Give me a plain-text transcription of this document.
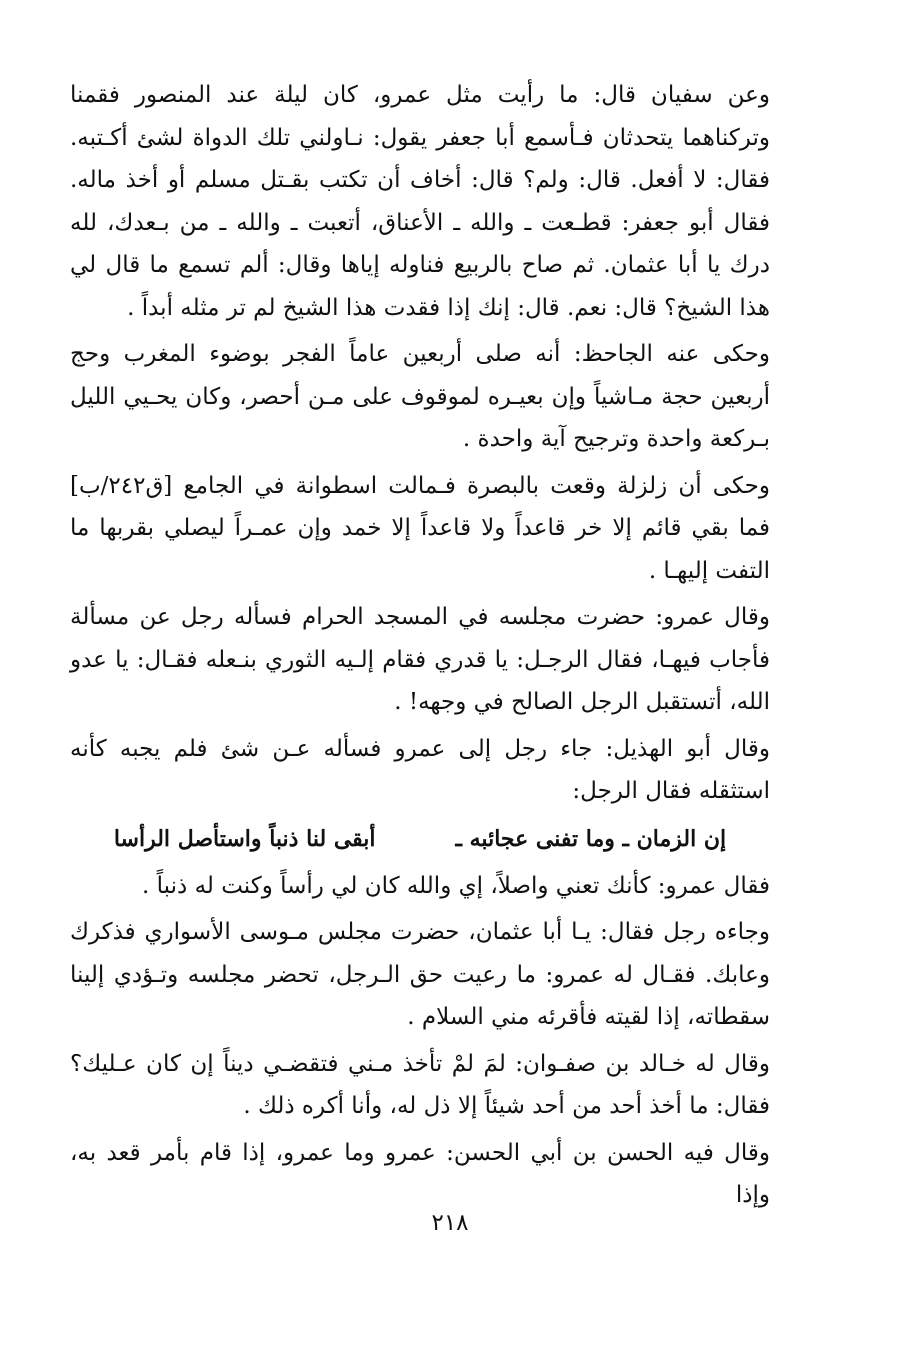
وعن سفيان قال: ما رأيت مثل عمرو، كان ليلة عند المنصور فقمنا وتركناهما يتحدثان فـأسمع أبا جعفر يقول: نـاولني تلك الدواة لشئ أكـتبه. فقال: لا أفعل. قال: ولم؟ قال: أخاف أن تكتب بقـتل مسلم أو أخذ ماله. فقال أبو جعفر: قطـعت ـ والله ـ الأعناق، أتعبت ـ والله ـ من بـعدك، لله درك يا أبا عثمان. ثم صاح بالربيع فناوله إياها وقال: ألم تسمع ما قال لي هذا الشيخ؟ قال: نعم. قال: إنك إذا فقدت هذا الشيخ لم تر مثله أبداً .

وحكى عنه الجاحظ: أنه صلى أربعين عاماً الفجر بوضوء المغرب وحج أربعين حجة مـاشياً وإن بعيـره لموقوف على مـن أحصر، وكان يحـيي الليل بـركعة واحدة وترجيح آية واحدة .

وحكى أن زلزلة وقعت بالبصرة فـمالت اسطوانة في الجامع [ق٢٤٢/ب] فما بقي قائم إلا خر قاعداً ولا قاعداً إلا خمد وإن عمـراً ليصلي بقربها ما التفت إليهـا .

وقال عمرو: حضرت مجلسه في المسجد الحرام فسأله رجل عن مسألة فأجاب فيهـا، فقال الرجـل: يا قدري فقام إلـيه الثوري بنـعله فقـال: يا عدو الله، أتستقبل الرجل الصالح في وجهه! .

وقال أبو الهذيل: جاء رجل إلى عمرو فسأله عـن شئ فلم يجبه كأنه استثقله فقال الرجل:

إن الزمان ـ وما تفنى عجائبه ـ
أبقى لنا ذنباً واستأصل الرأسا

فقال عمرو: كأنك تعني واصلاً، إي والله كان لي رأساً وكنت له ذنباً .

وجاءه رجل فقال: يـا أبا عثمان، حضرت مجلس مـوسى الأسواري فذكرك وعابك. فقـال له عمرو: ما رعيت حق الـرجل، تحضر مجلسه وتـؤدي إلينا سقطاته، إذا لقيته فأقرئه مني السلام .

وقال له خـالد بن صفـوان: لمَ لمْ تأخذ مـني فتقضـي ديناً إن كان عـليك؟ فقال: ما أخذ أحد من أحد شيئاً إلا ذل له، وأنا أكره ذلك .

وقال فيه الحسن بن أبي الحسن: عمرو وما عمرو، إذا قام بأمر قعد به، وإذا

٢١٨
